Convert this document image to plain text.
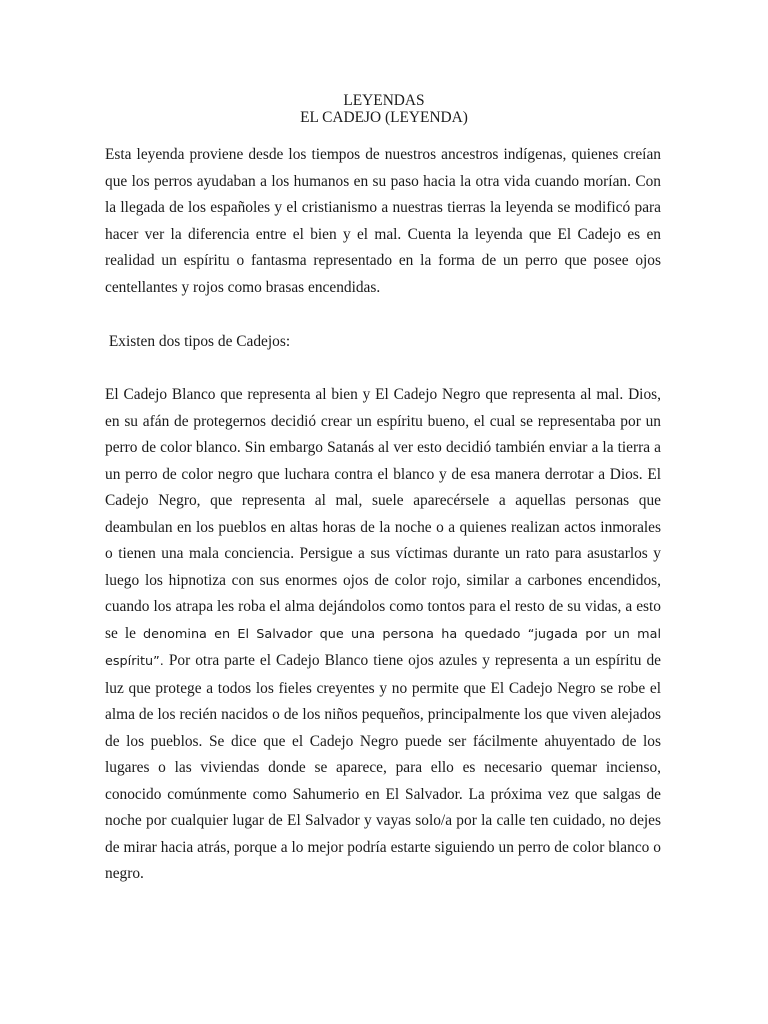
LEYENDAS
EL CADEJO (LEYENDA)

Esta leyenda proviene desde los tiempos de nuestros ancestros indígenas, quienes creían que los perros ayudaban a los humanos en su paso hacia la otra vida cuando morían. Con la llegada de los españoles y el cristianismo a nuestras tierras la leyenda se modificó para hacer ver la diferencia entre el bien y el mal. Cuenta la leyenda que El Cadejo es en realidad un espíritu o fantasma representado en la forma de un perro que posee ojos centellantes y rojos como brasas encendidas.

Existen dos tipos de Cadejos:

El Cadejo Blanco que representa al bien y El Cadejo Negro que representa al mal. Dios, en su afán de protegernos decidió crear un espíritu bueno, el cual se representaba por un perro de color blanco. Sin embargo Satanás al ver esto decidió también enviar a la tierra a un perro de color negro que luchara contra el blanco y de esa manera derrotar a Dios. El Cadejo Negro, que representa al mal, suele aparecérsele a aquellas personas que deambulan en los pueblos en altas horas de la noche o a quienes realizan actos inmorales o tienen una mala conciencia. Persigue a sus víctimas durante un rato para asustarlos y luego los hipnotiza con sus enormes ojos de color rojo, similar a carbones encendidos, cuando los atrapa les roba el alma dejándolos como tontos para el resto de su vidas, a esto se le denomina en El Salvador que una persona ha quedado “jugada por un mal espíritu”. Por otra parte el Cadejo Blanco tiene ojos azules y representa a un espíritu de luz que protege a todos los fieles creyentes y no permite que El Cadejo Negro se robe el alma de los recién nacidos o de los niños pequeños, principalmente los que viven alejados de los pueblos. Se dice que el Cadejo Negro puede ser fácilmente ahuyentado de los lugares o las viviendas donde se aparece, para ello es necesario quemar incienso, conocido comúnmente como Sahumerio en El Salvador. La próxima vez que salgas de noche por cualquier lugar de El Salvador y vayas solo/a por la calle ten cuidado, no dejes de mirar hacia atrás, porque a lo mejor podría estarte siguiendo un perro de color blanco o negro.
